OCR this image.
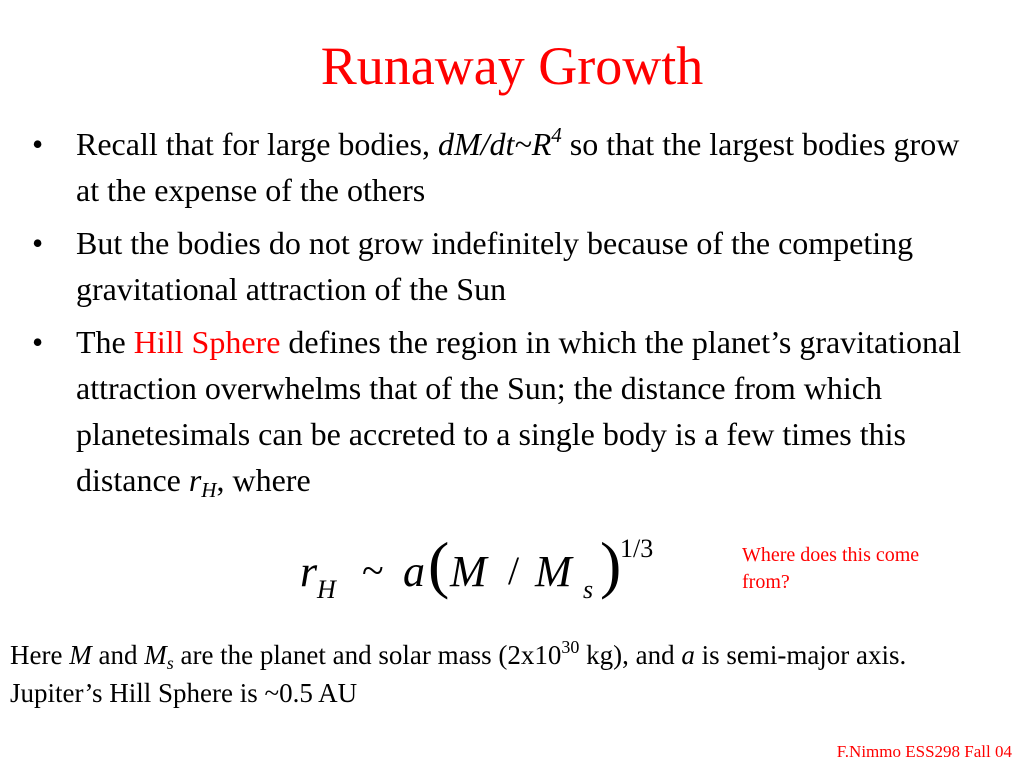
Runaway Growth
• Recall that for large bodies, $dM/dt\sim R^4$ so that the largest bodies grow at the expense of the others
• But the bodies do not grow indefinitely because of the competing gravitational attraction of the Sun
• The Hill Sphere defines the region in which the planet’s gravitational attraction overwhelms that of the Sun; the distance from which planetesimals can be accreted to a single body is a few times this distance $r_H$, where
r H ~ a ( M / M s )
1/3	Where does this come from?
Here M and $M_s$ are the planet and solar mass ($2x10^{30}$ kg), and a is semi-major axis. Jupiter’s Hill Sphere is ~0.5 AU
F.Nimmo ESS298 Fall 04
